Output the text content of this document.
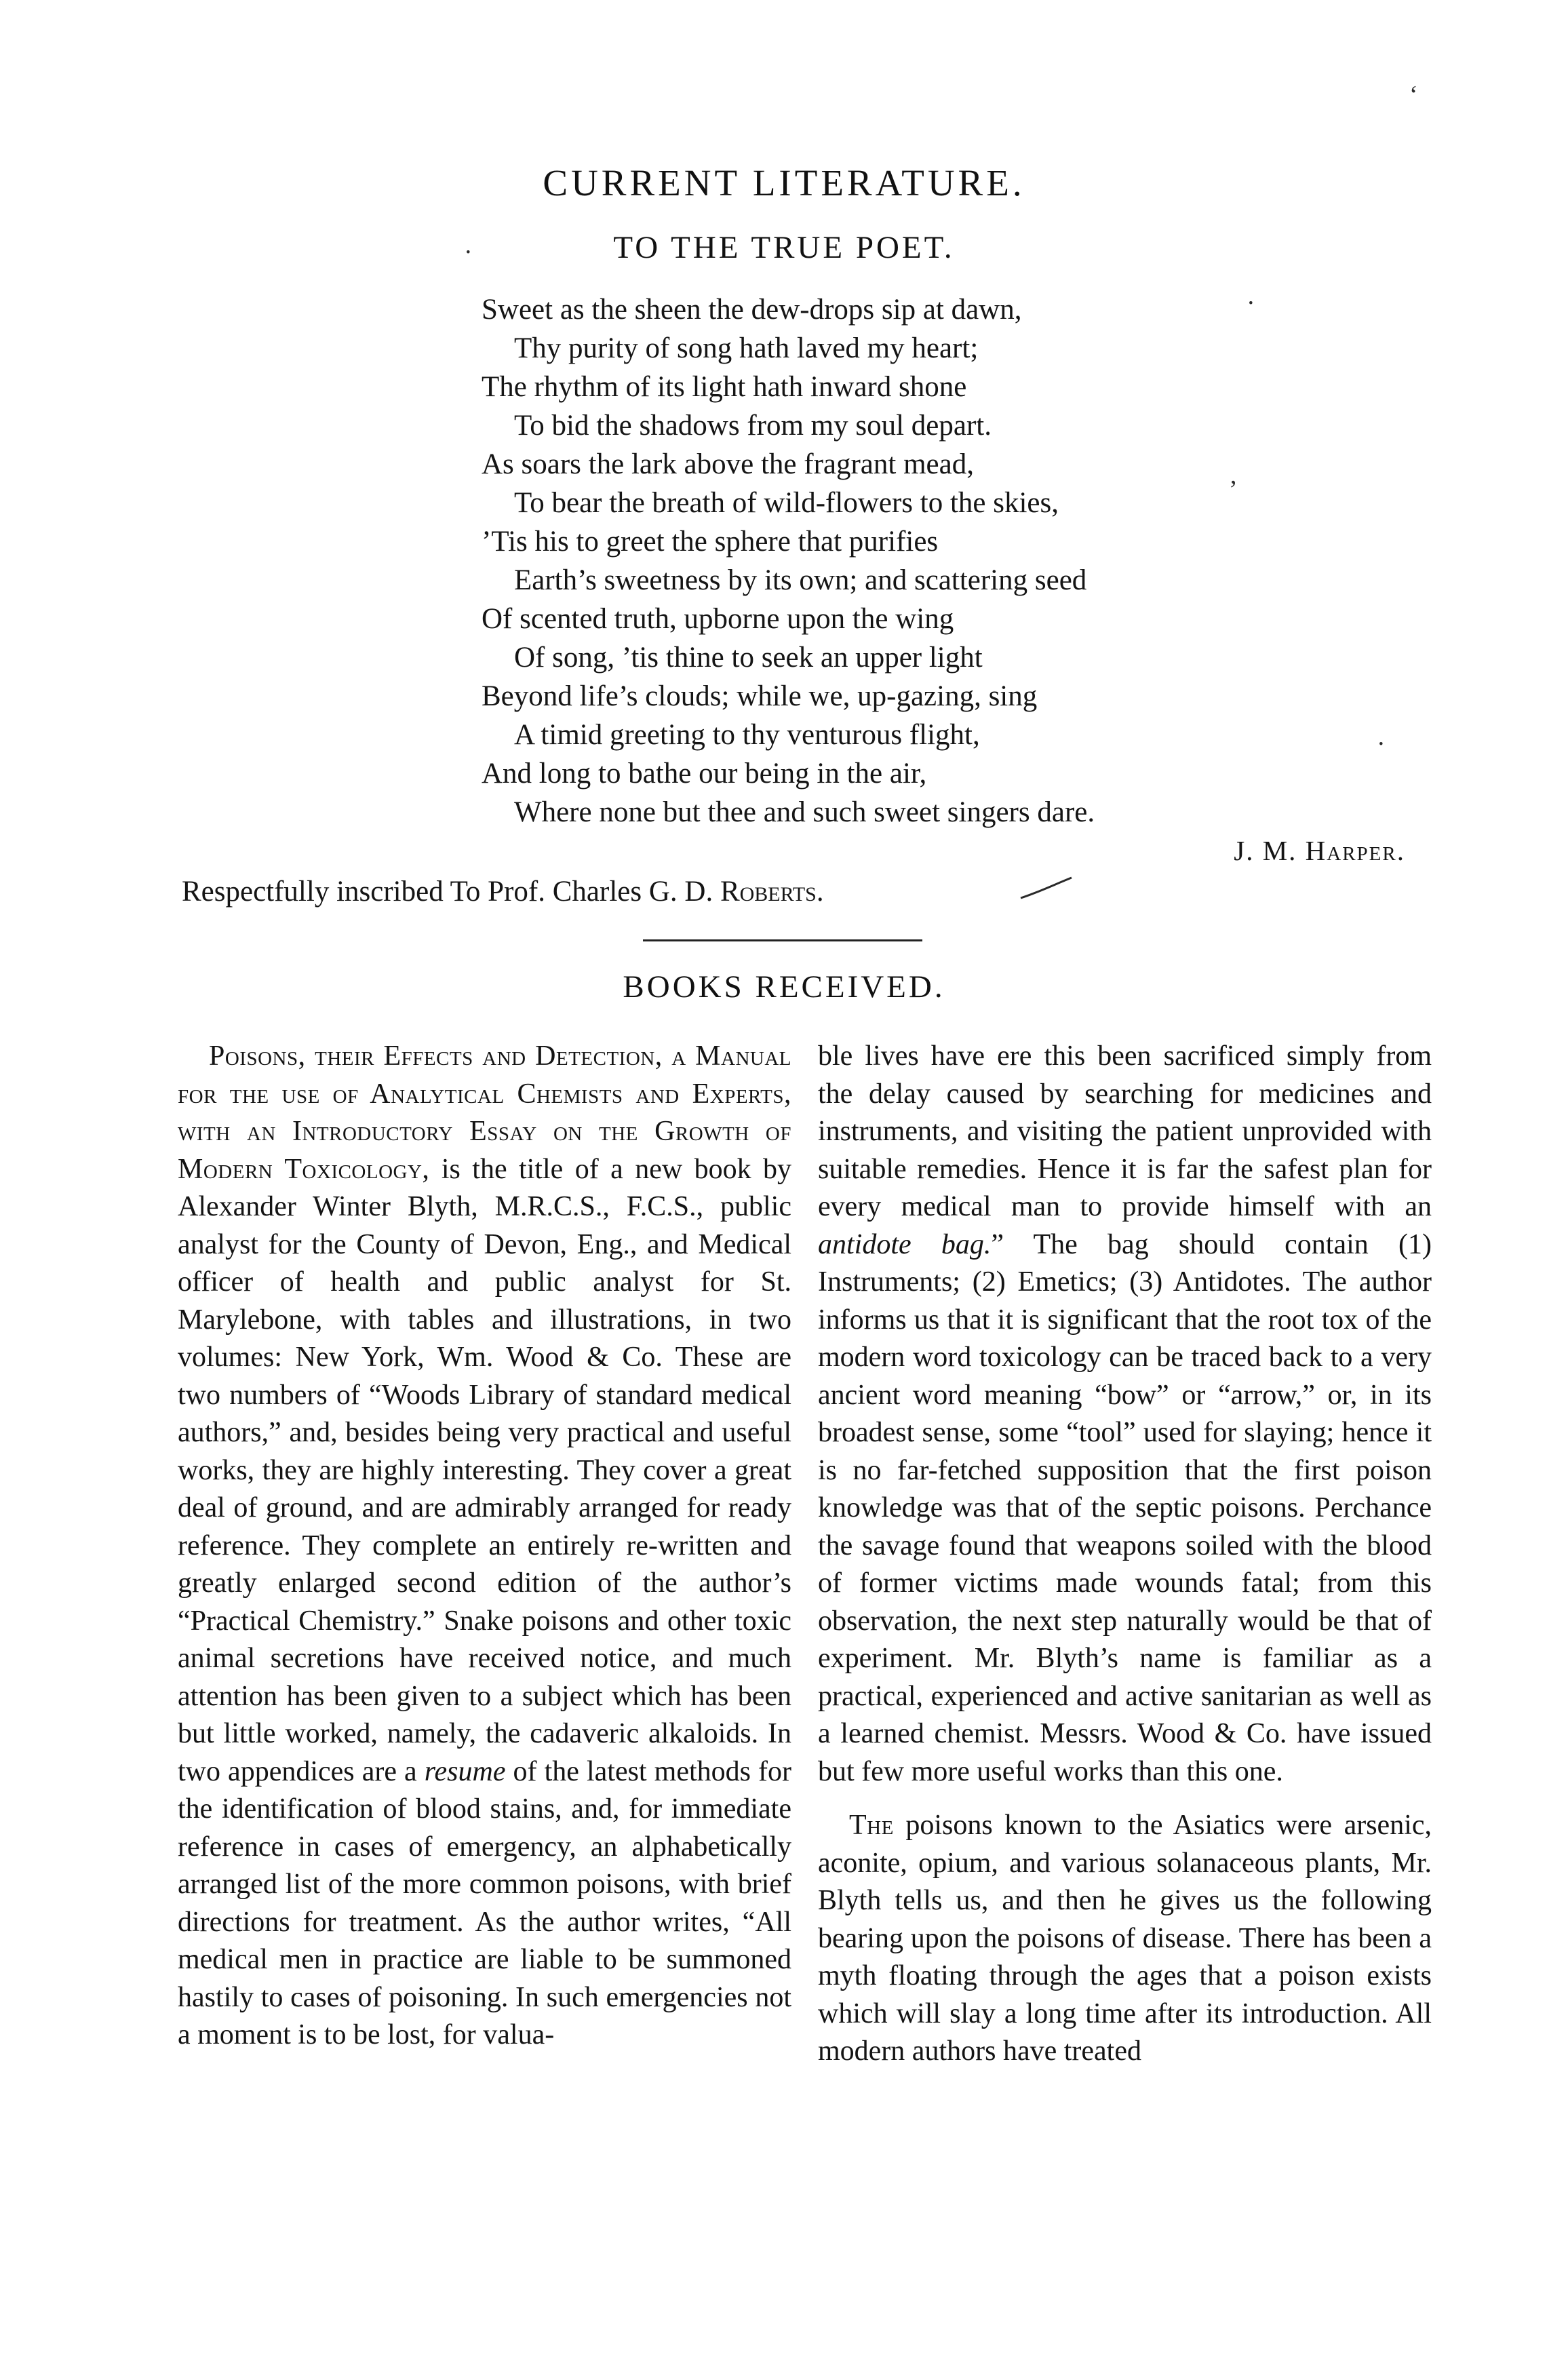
CURRENT LITERATURE.
TO THE TRUE POET.
Sweet as the sheen the dew-drops sip at dawn,
Thy purity of song hath laved my heart;
The rhythm of its light hath inward shone
To bid the shadows from my soul depart.
As soars the lark above the fragrant mead,
To bear the breath of wild-flowers to the skies,
’Tis his to greet the sphere that purifies
Earth’s sweetness by its own; and scattering seed
Of scented truth, upborne upon the wing
Of song, ’tis thine to seek an upper light
Beyond life’s clouds; while we, up-gazing, sing
A timid greeting to thy venturous flight,
And long to bathe our being in the air,
Where none but thee and such sweet singers dare.
J. M. Harper.
Respectfully inscribed To Prof. Charles G. D. Roberts.
‘
·
·
’
·
BOOKS RECEIVED.

Poisons, their Effects and Detection, a Manual for the use of Analytical Chemists and Experts, with an Introductory Essay on the Growth of Modern Toxicology, is the title of a new book by Alexander Winter Blyth, M.R.C.S., F.C.S., public analyst for the County of Devon, Eng., and Medical officer of health and public analyst for St. Marylebone, with tables and illustrations, in two volumes: New York, Wm. Wood & Co. These are two numbers of “Woods Library of standard medical authors,” and, besides being very practical and useful works, they are highly interesting. They cover a great deal of ground, and are admirably arranged for ready reference. They complete an entirely re-written and greatly enlarged second edition of the author’s “Practical Chemistry.” Snake poisons and other toxic animal secretions have received notice, and much attention has been given to a subject which has been but little worked, namely, the cadaveric alkaloids. In two appendices are a resume of the latest methods for the identification of blood stains, and, for immediate reference in cases of emergency, an alphabetically arranged list of the more common poisons, with brief directions for treatment. As the author writes, “All medical men in practice are liable to be summoned hastily to cases of poisoning. In such emergencies not a moment is to be lost, for valua-

ble lives have ere this been sacrificed simply from the delay caused by searching for medicines and instruments, and visiting the patient unprovided with suitable remedies. Hence it is far the safest plan for every medical man to provide himself with an antidote bag.” The bag should contain (1) Instruments; (2) Emetics; (3) Antidotes. The author informs us that it is significant that the root tox of the modern word toxicology can be traced back to a very ancient word meaning “bow” or “arrow,” or, in its broadest sense, some “tool” used for slaying; hence it is no far-fetched supposition that the first poison knowledge was that of the septic poisons. Perchance the savage found that weapons soiled with the blood of former victims made wounds fatal; from this observation, the next step naturally would be that of experiment. Mr. Blyth’s name is familiar as a practical, experienced and active sanitarian as well as a learned chemist. Messrs. Wood & Co. have issued but few more useful works than this one.

The poisons known to the Asiatics were arsenic, aconite, opium, and various solanaceous plants, Mr. Blyth tells us, and then he gives us the following bearing upon the poisons of disease. There has been a myth floating through the ages that a poison exists which will slay a long time after its introduction. All modern authors have treated
